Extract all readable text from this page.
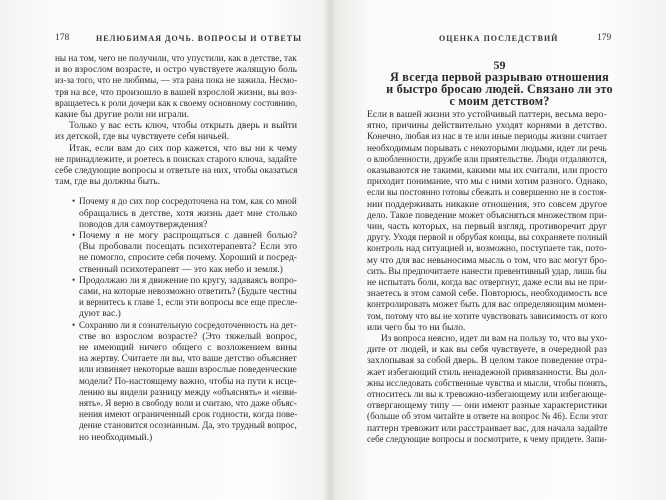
178	НЕЛЮБИМАЯ ДОЧЬ. ВОПРОСЫ И ОТВЕТЫ
ны на том, чего не получили, что упустили, как в детстве, так
и во взрослом возрасте, и остро чувствуете жалящую боль
из-за того, что не любимы, — эта рана пока не зажила. Несмо-
тря на все, что произошло в вашей взрослой жизни, вы воз-
вращаетесь к роли дочери как к своему основному состоянию,
какие бы другие роли ни играли.
Только у вас есть ключ, чтобы открыть дверь и выйти
из детской, где вы чувствуете себя ничьей.
Итак, если вам до сих пор кажется, что вы ни к чему
не принадлежите, и роетесь в поисках старого ключа, задайте
себе следующие вопросы и ответьте на них, чтобы оказаться
там, где вы должны быть.
• Почему я до сих пор сосредоточена на том, как со мной
обращались в детстве, хотя жизнь дает мне столько
поводов для самоутверждения?
• Почему я не могу распрощаться с давней болью?
(Вы пробовали посещать психотерапевта? Если это
не помогло, спросите себя почему. Хороший и посред-
ственный психотерапевт — это как небо и земля.)
• Продолжаю ли я движение по кругу, задаваясь вопро-
сами, на которые невозможно ответить? (Будьте честны
и вернитесь к главе 1, если эти вопросы все еще пресле-
дуют вас.)
• Сохраняю ли я сознательную сосредоточенность на дет-
стве во взрослом возрасте? (Это тяжелый вопрос,
не имеющий ничего общего с возложением вины
на жертву. Считаете ли вы, что ваше детство объясняет
или извиняет некоторые ваши взрослые поведенческие
модели? По-настоящему важно, чтобы на пути к исце-
лению вы видели разницу между «объяснять» и «изви-
нять». Я верю в свободу воли и считаю, что даже объяс-
нения имеют ограниченный срок годности, когда пове-
дение становится осознанным. Да, это трудный вопрос,
но необходимый.)
ОЦЕНКА ПОСЛЕДСТВИЙ	179
59
Я всегда первой разрываю отношения
и быстро бросаю людей. Связано ли это
с моим детством?
Если в вашей жизни это устойчивый паттерн, весьма веро-
ятно, причины действительно уходят корнями в детство.
Конечно, любая из нас в те или иные периоды жизни считает
необходимым порывать с некоторыми людьми, идет ли речь
о влюбленности, дружбе или приятельстве. Люди отдаляются,
оказываются не такими, какими мы их считали, или просто
приходит понимание, что мы с ними хотим разного. Однако,
если вы постоянно готовы сбежать и совершенно не в состоя-
нии поддерживать никакие отношения, это совсем другое
дело. Такое поведение может объясняться множеством при-
чин, часть которых, на первый взгляд, противоречит друг
другу. Уходя первой и обрубая концы, вы сохраняете полный
контроль над ситуацией и, возможно, поступаете так, пото-
му что для вас невыносима мысль о том, что вас могут бро-
сить. Вы предпочитаете нанести превентивный удар, лишь бы
не испытать боли, когда вас отвергнут, даже если вы не при-
знаетесь в этом самой себе. Повторюсь, необходимость все
контролировать может быть для вас определяющим момен-
том, потому что вы не хотите чувствовать зависимость от кого
или чего бы то ни было.
Из вопроса неясно, идет ли вам на пользу то, что вы ухо-
дите от людей, и как вы себя чувствуете, в очередной раз
захлопывая за собой дверь. В целом такое поведение отра-
жает избегающий стиль ненадежной привязанности. Вы дол-
жны исследовать собственные чувства и мысли, чтобы понять,
относитесь ли вы к тревожно-избегающему или избегающе-
отвергающему типу — они имеют разные характеристики
(больше об этом читайте в ответе на вопрос № 46). Если этот
паттерн тревожит или расстраивает вас, для начала задайте
себе следующие вопросы и посмотрите, к чему придете. Запи-
